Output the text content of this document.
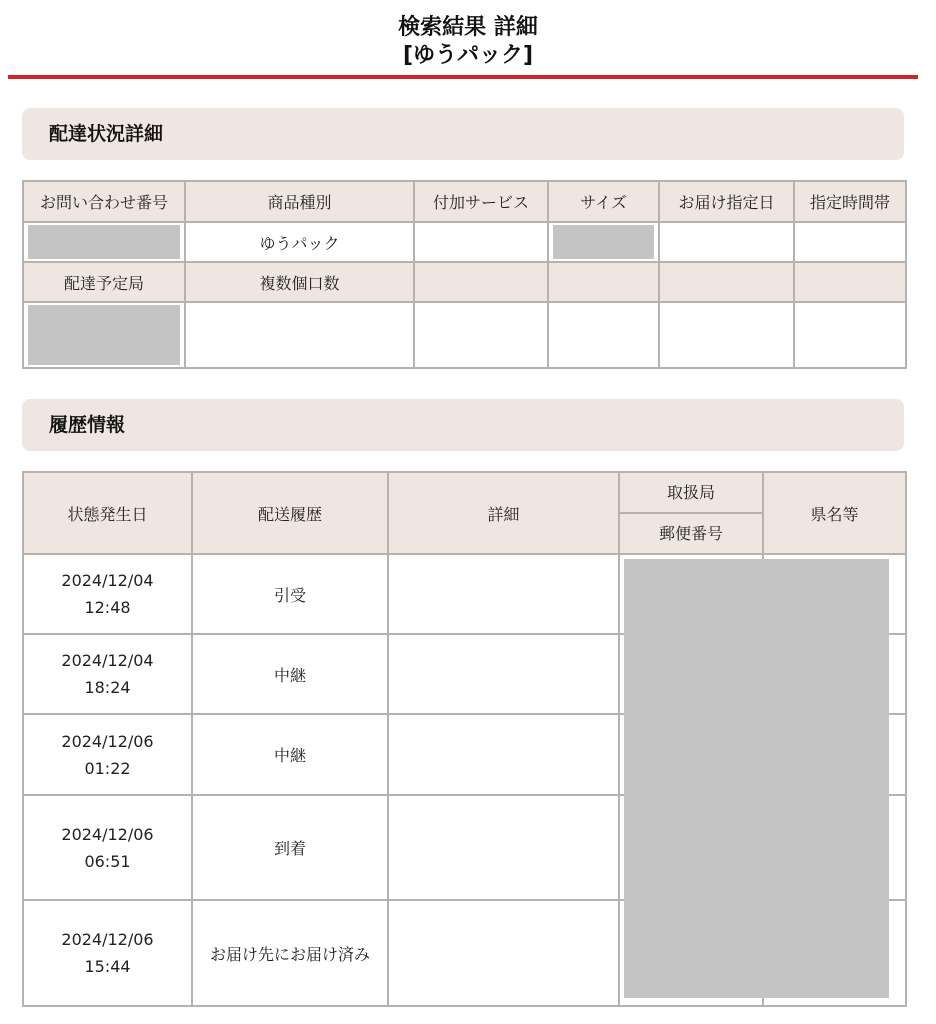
検索結果 詳細
[ゆうパック]
配達状況詳細
お問い合わせ番号	商品種別	付加サービス	サイズ	お届け指定日	指定時間帯

	ゆうパック		

配達予定局	複数個口数				

履歴情報
状態発生日	配送履歴	詳細	取扱局
郵便番号	県名等

2024/12/04
12:48	引受			

2024/12/04
18:24	中継			

2024/12/06
01:22	中継			

2024/12/06
06:51	到着			

2024/12/06
15:44	お届け先にお届け済み			
